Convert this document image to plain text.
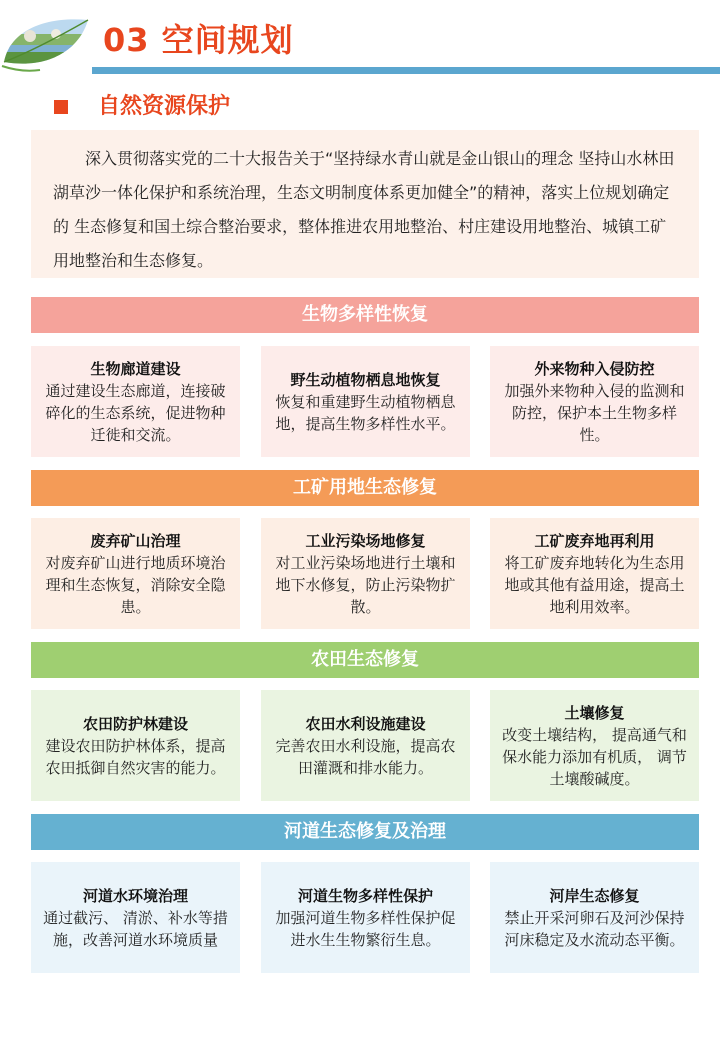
03 空间规划
自然资源保护

深入贯彻落实党的二十大报告关于“坚持绿水青山就是金山银山的理念 坚持山水林田 湖草沙一体化保护和系统治理，生态文明制度体系更加健全”的精神，落实上位规划确定的 生态修复和国土综合整治要求，整体推进农用地整治、村庄建设用地整治、城镇工矿用地整治和生态修复。

生物多样性恢复
生物廊道建设
通过建设生态廊道，连接破碎化的生态系统，促进物种迁徙和交流。
野生动植物栖息地恢复
恢复和重建野生动植物栖息地，提高生物多样性水平。
外来物种入侵防控
加强外来物种入侵的监测和防控，保护本土生物多样性。
工矿用地生态修复
废弃矿山治理
对废弃矿山进行地质环境治理和生态恢复，消除安全隐患。
工业污染场地修复
对工业污染场地进行土壤和地下水修复，防止污染物扩散。
工矿废弃地再利用
将工矿废弃地转化为生态用地或其他有益用途，提高土地利用效率。
农田生态修复
农田防护林建设
建设农田防护林体系，提高农田抵御自然灾害的能力。
农田水利设施建设
完善农田水利设施，提高农田灌溉和排水能力。
土壤修复
改变土壤结构， 提高通气和保水能力添加有机质， 调节土壤酸碱度。
河道生态修复及治理
河道水环境治理
通过截污、 清淤、补水等措施，改善河道水环境质量
河道生物多样性保护
加强河道生物多样性保护促进水生生物繁衍生息。
河岸生态修复
禁止开采河卵石及河沙保持河床稳定及水流动态平衡。
